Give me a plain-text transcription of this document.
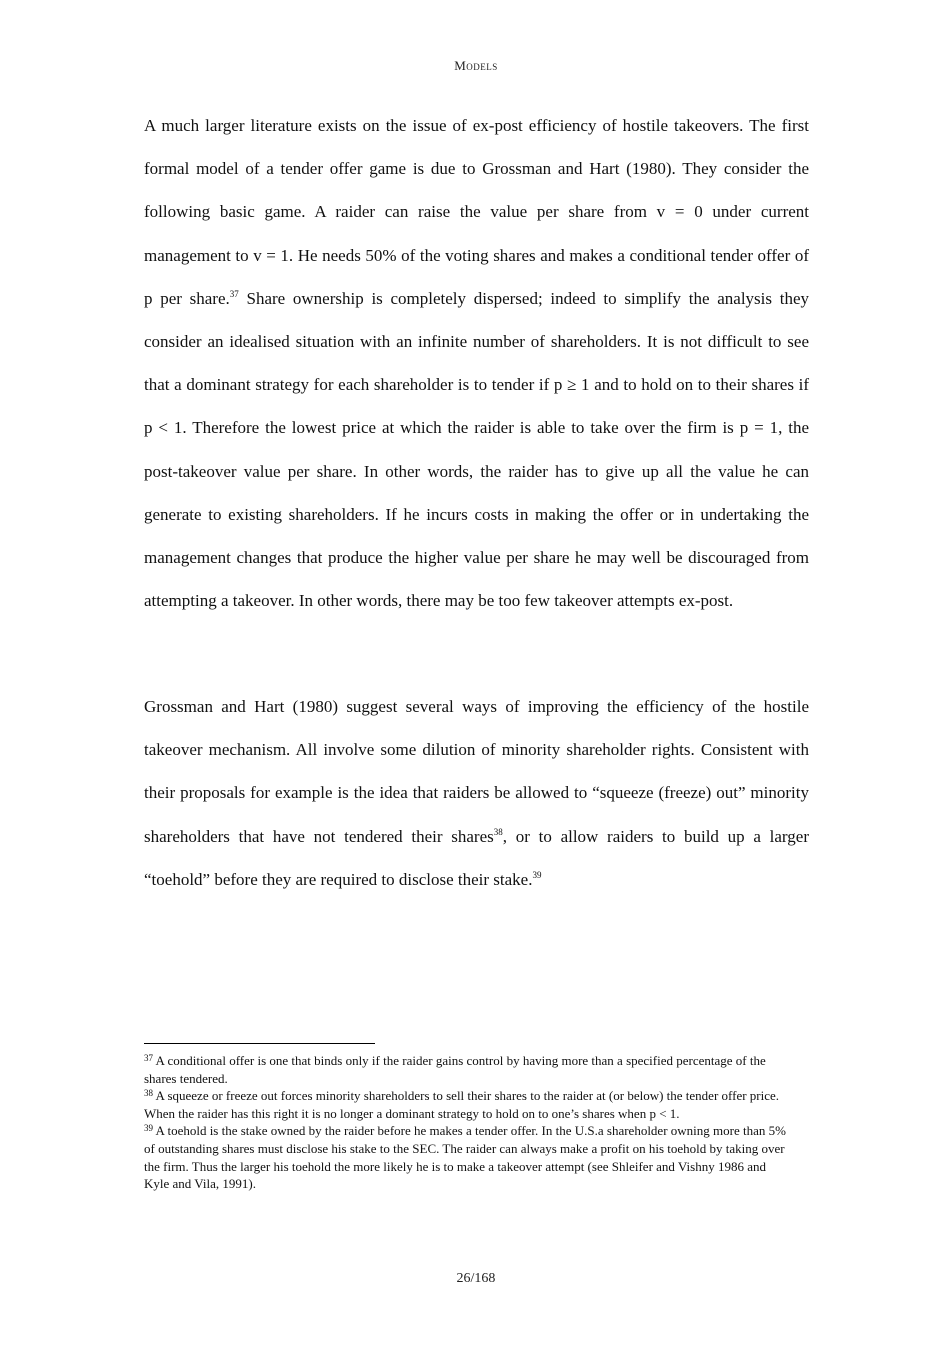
Models

A much larger literature exists on the issue of ex-post efficiency of hostile takeovers. The first formal model of a tender offer game is due to Grossman and Hart (1980). They consider the following basic game. A raider can raise the value per share from v = 0 under current management to v = 1. He needs 50% of the voting shares and makes a conditional tender offer of p per share.$^{37}$ Share ownership is completely dispersed; indeed to simplify the analysis they consider an idealised situation with an infinite number of shareholders. It is not difficult to see that a dominant strategy for each shareholder is to tender if p ≥ 1 and to hold on to their shares if p < 1. Therefore the lowest price at which the raider is able to take over the firm is p = 1, the post-takeover value per share. In other words, the raider has to give up all the value he can generate to existing shareholders. If he incurs costs in making the offer or in undertaking the management changes that produce the higher value per share he may well be discouraged from attempting a takeover. In other words, there may be too few takeover attempts ex-post.

Grossman and Hart (1980) suggest several ways of improving the efficiency of the hostile takeover mechanism. All involve some dilution of minority shareholder rights. Consistent with their proposals for example is the idea that raiders be allowed to “squeeze (freeze) out” minority shareholders that have not tendered their shares$^{38}$, or to allow raiders to build up a larger “toehold” before they are required to disclose their stake.$^{39}$

$^{37}$ A conditional offer is one that binds only if the raider gains control by having more than a specified percentage of the shares tendered.

$^{38}$ A squeeze or freeze out forces minority shareholders to sell their shares to the raider at (or below) the tender offer price. When the raider has this right it is no longer a dominant strategy to hold on to one’s shares when p < 1.

$^{39}$ A toehold is the stake owned by the raider before he makes a tender offer. In the U.S.a shareholder owning more than 5% of outstanding shares must disclose his stake to the SEC. The raider can always make a profit on his toehold by taking over the firm. Thus the larger his toehold the more likely he is to make a takeover attempt (see Shleifer and Vishny 1986 and Kyle and Vila, 1991).

26/168
